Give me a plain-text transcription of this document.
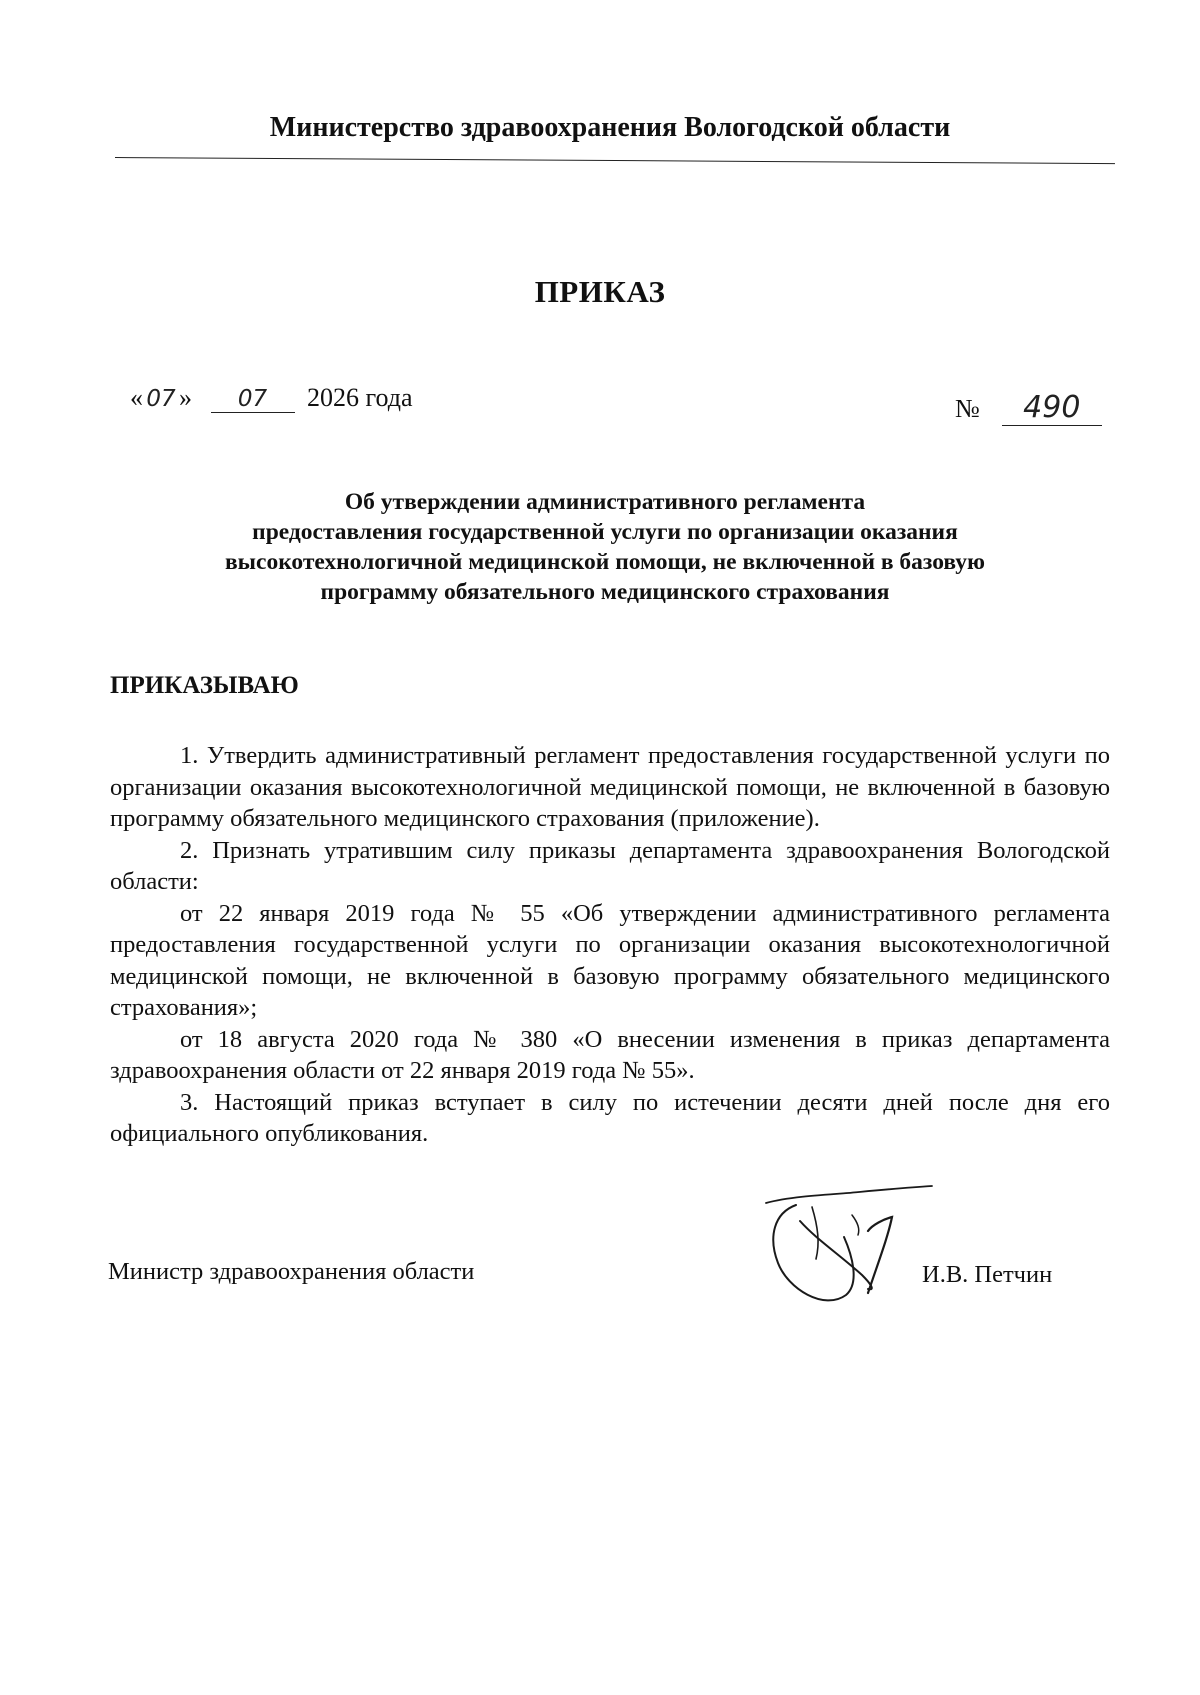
Министерство здравоохранения Вологодской области
ПРИКАЗ
« 07 » 07 2026 года	№ 490
Об утверждении административного регламента
предоставления государственной услуги по организации оказания
высокотехнологичной медицинской помощи, не включенной в базовую
программу обязательного медицинского страхования
ПРИКАЗЫВАЮ

1. Утвердить административный регламент предоставления государственной услуги по организации оказания высокотехнологичной медицинской помощи, не включенной в базовую программу обязательного медицинского страхования (приложение).

2. Признать утратившим силу приказы департамента здравоохранения Вологодской области:

от 22 января 2019 года № 55 «Об утверждении административного регламента предоставления государственной услуги по организации оказания высокотехнологичной медицинской помощи, не включенной в базовую программу обязательного медицинского страхования»;

от 18 августа 2020 года № 380 «О внесении изменения в приказ департамента здравоохранения области от 22 января 2019 года № 55».

3. Настоящий приказ вступает в силу по истечении десяти дней после дня его официального опубликования.

Министр здравоохранения области	И.В. Петчин
